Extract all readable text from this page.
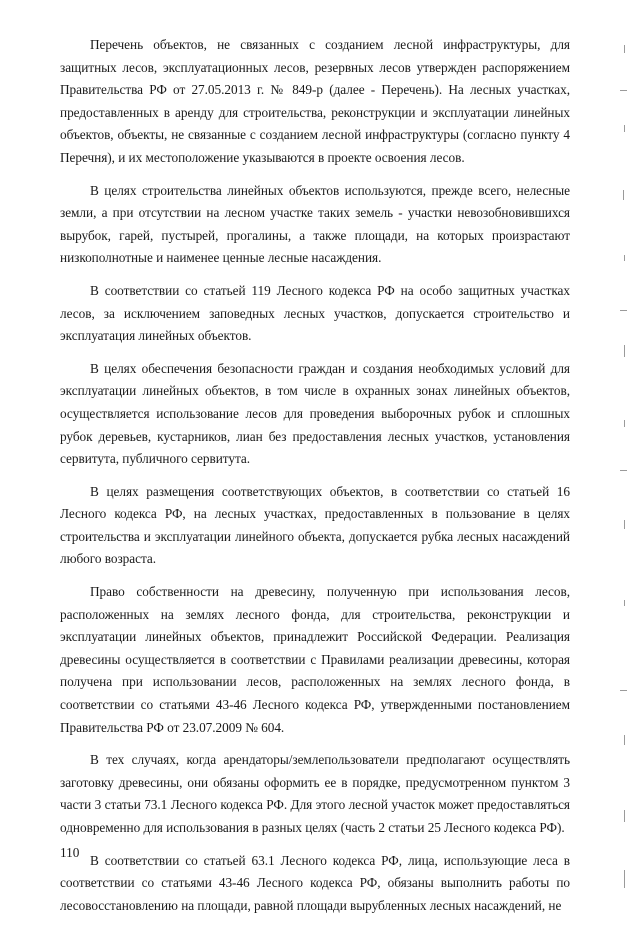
Перечень объектов, не связанных с созданием лесной инфраструктуры, для защитных лесов, эксплуатационных лесов, резервных лесов утвержден распоряжением Правительства РФ от 27.05.2013 г. № 849-р (далее - Перечень). На лесных участках, предоставленных в аренду для строительства, реконструкции и эксплуатации линейных объектов, объекты, не связанные с созданием лесной инфраструктуры (согласно пункту 4 Перечня), и их местоположение указываются в проекте освоения лесов.

В целях строительства линейных объектов используются, прежде всего, нелесные земли, а при отсутствии на лесном участке таких земель - участки невозобновившихся вырубок, гарей, пустырей, прогалины, а также площади, на которых произрастают низкополнотные и наименее ценные лесные насаждения.

В соответствии со статьей 119 Лесного кодекса РФ на особо защитных участках лесов, за исключением заповедных лесных участков, допускается строительство и эксплуатация линейных объектов.

В целях обеспечения безопасности граждан и создания необходимых условий для эксплуатации линейных объектов, в том числе в охранных зонах линейных объектов, осуществляется использование лесов для проведения выборочных рубок и сплошных рубок деревьев, кустарников, лиан без предоставления лесных участков, установления сервитута, публичного сервитута.

В целях размещения соответствующих объектов, в соответствии со статьей 16 Лесного кодекса РФ, на лесных участках, предоставленных в пользование в целях строительства и эксплуатации линейного объекта, допускается рубка лесных насаждений любого возраста.

Право собственности на древесину, полученную при использования лесов, расположенных на землях лесного фонда, для строительства, реконструкции и эксплуатации линейных объектов, принадлежит Российской Федерации. Реализация древесины осуществляется в соответствии с Правилами реализации древесины, которая получена при использовании лесов, расположенных на землях лесного фонда, в соответствии со статьями 43-46 Лесного кодекса РФ, утвержденными постановлением Правительства РФ от 23.07.2009 № 604.

В тех случаях, когда арендаторы/землепользователи предполагают осуществлять заготовку древесины, они обязаны оформить ее в порядке, предусмотренном пунктом 3 части 3 статьи 73.1 Лесного кодекса РФ. Для этого лесной участок может предоставляться одновременно для использования в разных целях (часть 2 статьи 25 Лесного кодекса РФ).

В соответствии со статьей 63.1 Лесного кодекса РФ, лица, использующие леса в соответствии со статьями 43-46 Лесного кодекса РФ, обязаны выполнить работы по лесовосстановлению на площади, равной площади вырубленных лесных насаждений, не

110
